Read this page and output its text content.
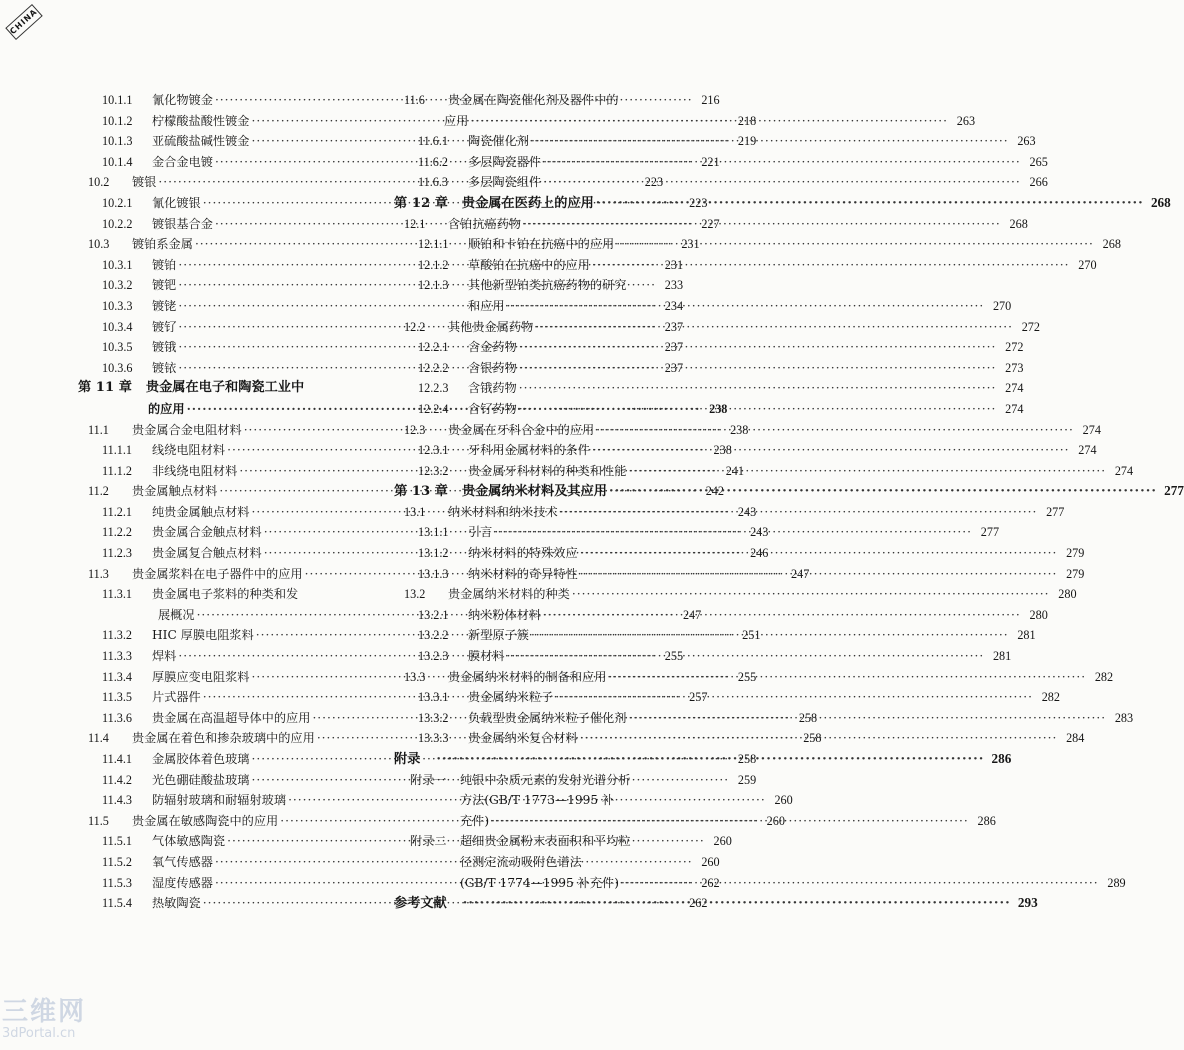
CHINA
10.1.1	氰化物镀金 ·····	216
10.1.2	柠檬酸盐酸性镀金 ·····	218
10.1.3	亚硫酸盐碱性镀金 ·····	219
10.1.4	金合金电镀 ·····	221
10.2	镀银 ·····	223
10.2.1	氰化镀银 ·····	223
10.2.2	镀银基合金 ·····	227
10.3	镀铂系金属 ·····	231
10.3.1	镀铂 ·····	231
10.3.2	镀钯 ·····	233
10.3.3	镀铑 ·····	234
10.3.4	镀钌 ·····	237
10.3.5	镀锇 ·····	237
10.3.6	镀铱 ·····	237
第 11 章 贵金属在电子和陶瓷工业中
的应用 ·····	238
11.1	贵金属合金电阻材料 ·····	238
11.1.1	线绕电阻材料 ·····	238
11.1.2	非线绕电阻材料 ·····	241
11.2	贵金属触点材料 ·····	242
11.2.1	纯贵金属触点材料 ·····	243
11.2.2	贵金属合金触点材料 ·····	243
11.2.3	贵金属复合触点材料 ·····	246
11.3	贵金属浆料在电子器件中的应用 ·····	247
11.3.1	贵金属电子浆料的种类和发
展概况 ·····	247
11.3.2	HIC 厚膜电阻浆料 ·····	251
11.3.3	焊料 ·····	255
11.3.4	厚膜应变电阻浆料 ·····	255
11.3.5	片式器件 ·····	257
11.3.6	贵金属在高温超导体中的应用 ·····	258
11.4	贵金属在着色和掺杂玻璃中的应用 ·····	258
11.4.1	金属胶体着色玻璃 ·····	258
11.4.2	光色硼硅酸盐玻璃 ·····	259
11.4.3	防辐射玻璃和耐辐射玻璃 ·····	260
11.5	贵金属在敏感陶瓷中的应用 ·····	260
11.5.1	气体敏感陶瓷 ·····	260
11.5.2	氧气传感器 ·····	260
11.5.3	湿度传感器 ·····	262
11.5.4	热敏陶瓷 ·····	262
11.6	贵金属在陶瓷催化剂及器件中的
应用 ·····	263
11.6.1	陶瓷催化剂 ·····	263
11.6.2	多层陶瓷器件 ·····	265
11.6.3	多层陶瓷组件 ·····	266
第 12 章 贵金属在医药上的应用 ·····	268
12.1	含铂抗癌药物 ·····	268
12.1.1	顺铂和卡铂在抗癌中的应用 ·····	268
12.1.2	草酸铂在抗癌中的应用 ·····	270
12.1.3	其他新型铂类抗癌药物的研究
和应用 ·····	270
12.2	其他贵金属药物 ·····	272
12.2.1	含金药物 ·····	272
12.2.2	含银药物 ·····	273
12.2.3	含锇药物 ·····	274
12.2.4	含钌药物 ·····	274
12.3	贵金属在牙科合金中的应用 ·····	274
12.3.1	牙科用金属材料的条件 ·····	274
12.3.2	贵金属牙科材料的种类和性能 ·····	274
第 13 章 贵金属纳米材料及其应用 ·····	277
13.1	纳米材料和纳米技术 ·····	277
13.1.1	引言 ·····	277
13.1.2	纳米材料的特殊效应 ·····	279
13.1.3	纳米材料的奇异特性 ·····	279
13.2	贵金属纳米材料的种类 ·····	280
13.2.1	纳米粉体材料 ·····	280
13.2.2	新型原子簇 ·····	281
13.2.3	膜材料 ·····	281
13.3	贵金属纳米材料的制备和应用 ·····	282
13.3.1	贵金属纳米粒子 ·····	282
13.3.2	负载型贵金属纳米粒子催化剂 ·····	283
13.3.3	贵金属纳米复合材料 ·····	284
附录 ·····	286
附录一	纯银中杂质元素的发射光谱分析
方法(GB/T 1773—1995 补
充件) ·····	286
附录二	超细贵金属粉末表面积和平均粒
径测定流动吸附色谱法
(GB/T 1774—1995 补充件) ·····	289
参考文献 ·····	293
三维网
3dPortal.cn
